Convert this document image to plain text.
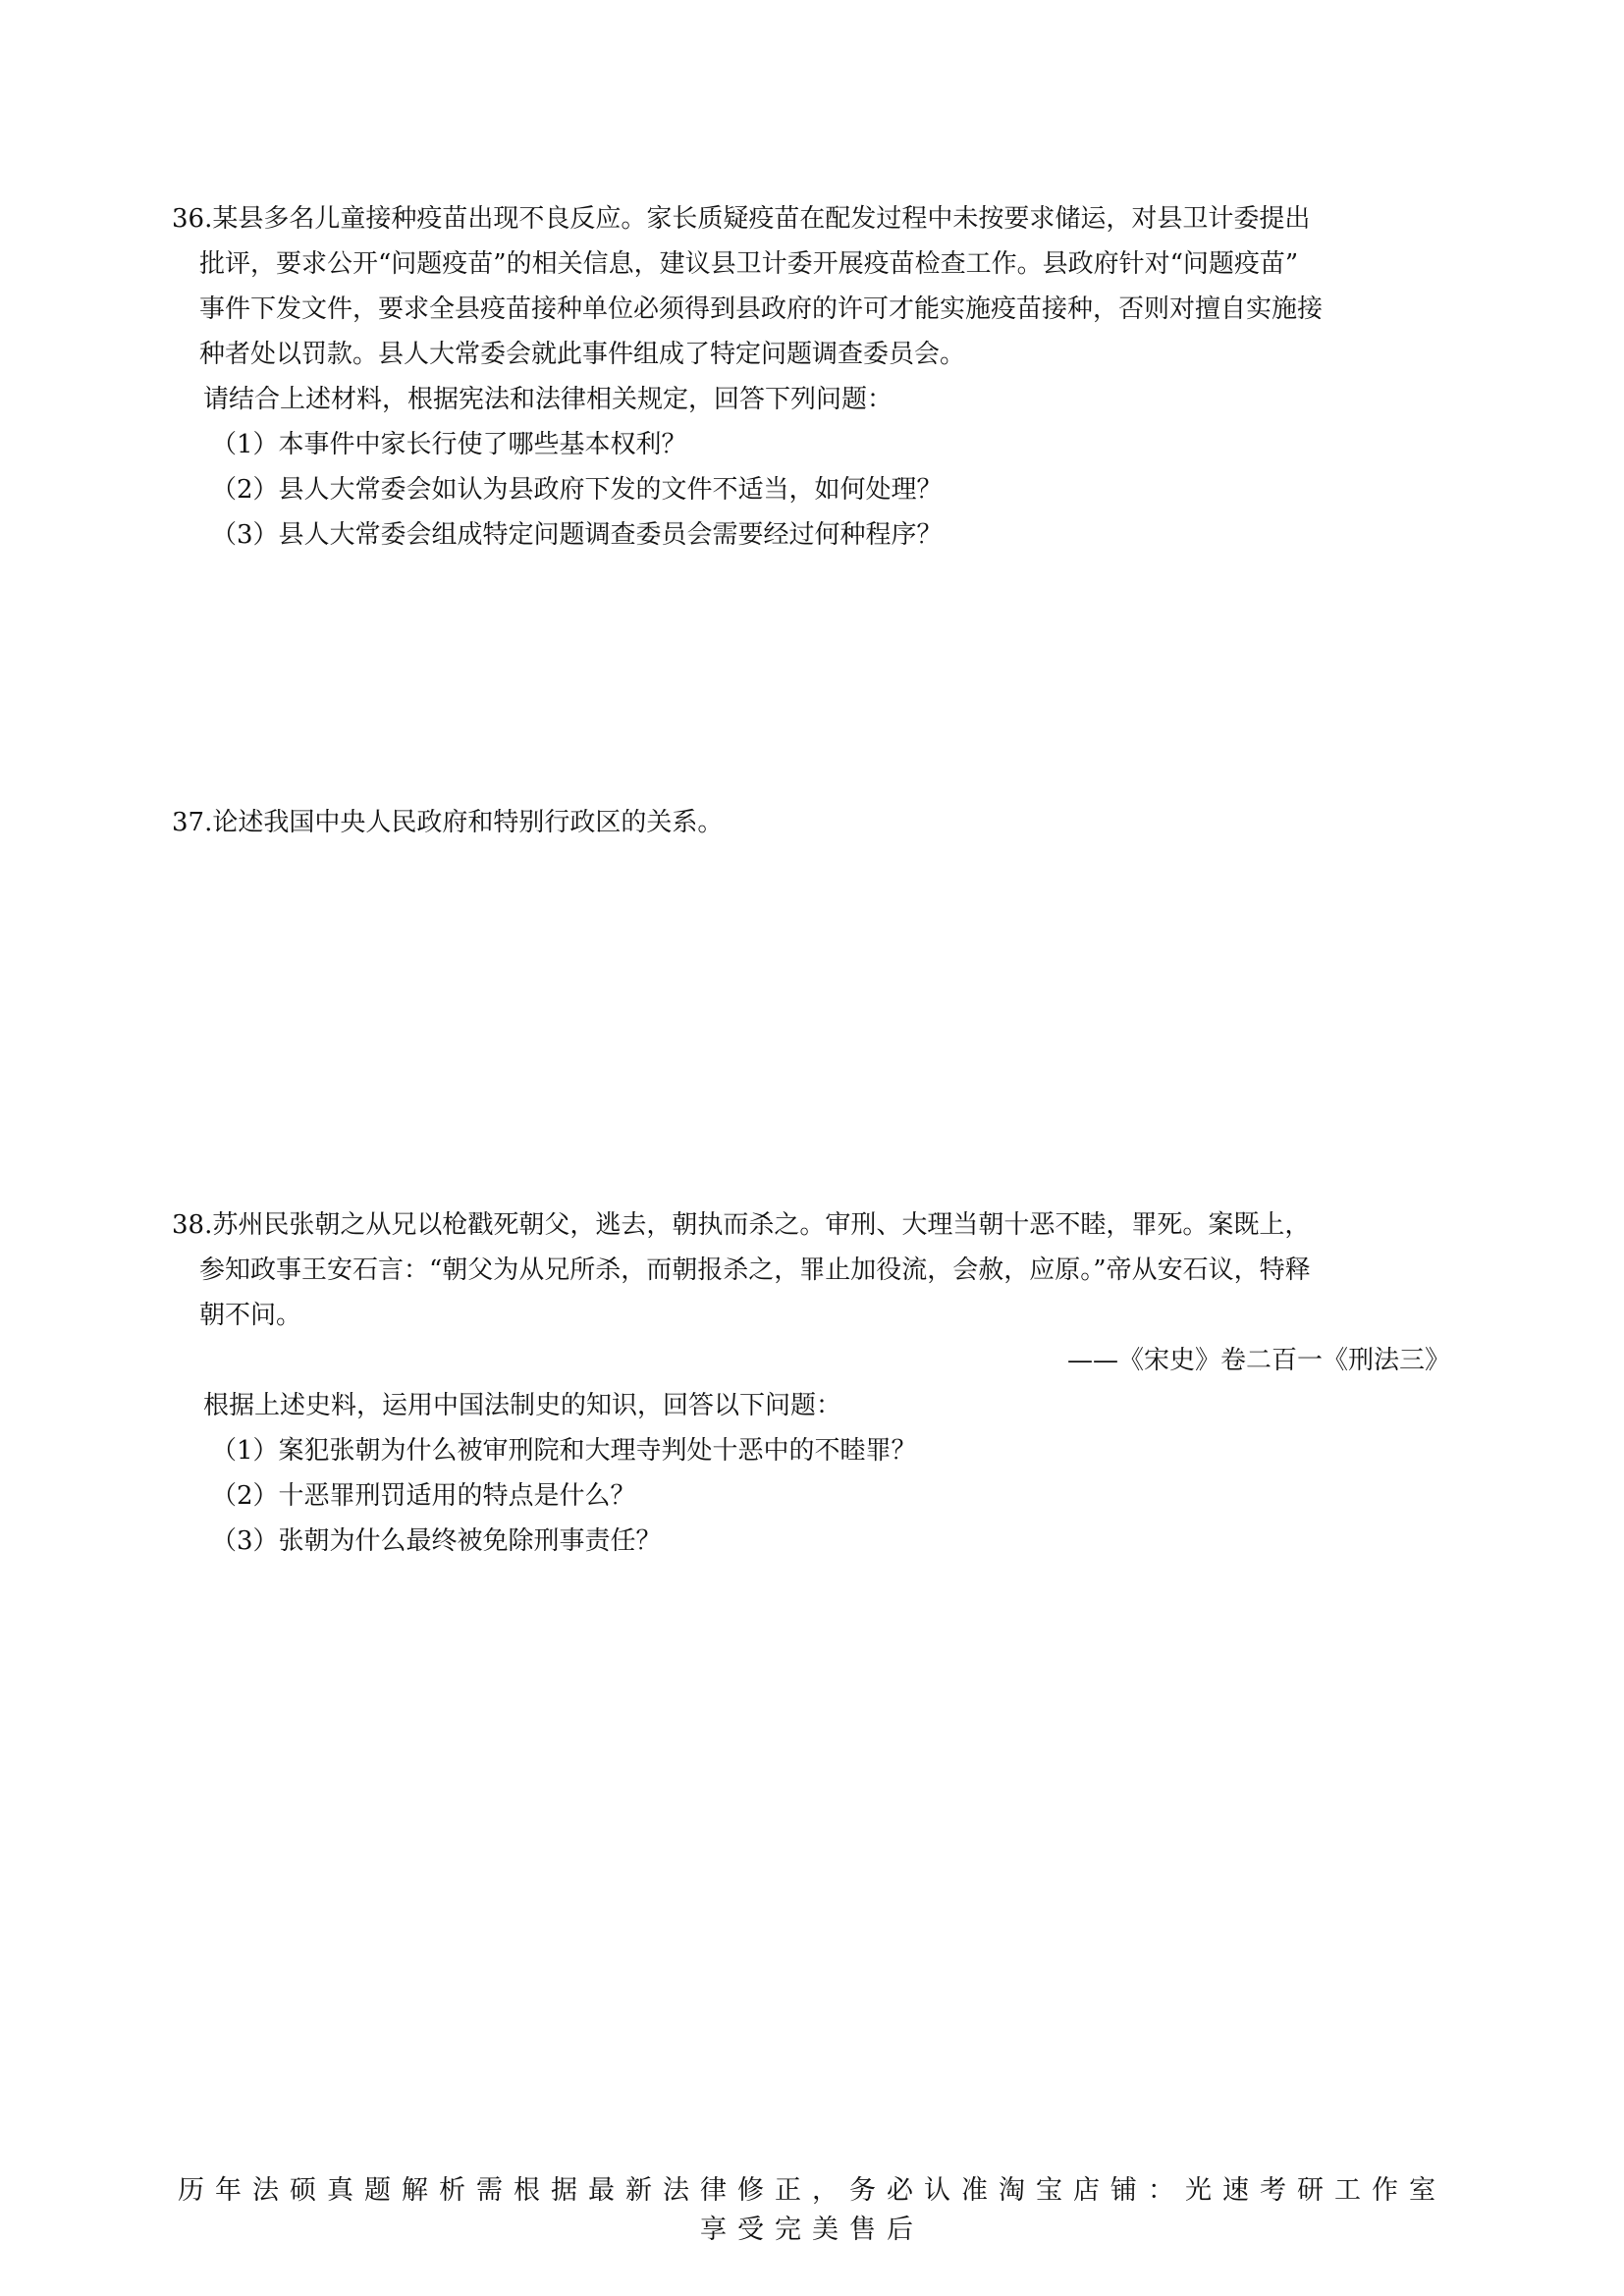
36.某县多名儿童接种疫苗出现不良反应。家长质疑疫苗在配发过程中未按要求储运，对县卫计委提出
批评，要求公开“问题疫苗”的相关信息，建议县卫计委开展疫苗检查工作。县政府针对“问题疫苗”
事件下发文件，要求全县疫苗接种单位必须得到县政府的许可才能实施疫苗接种，否则对擅自实施接
种者处以罚款。县人大常委会就此事件组成了特定问题调查委员会。
请结合上述材料，根据宪法和法律相关规定，回答下列问题：
（1）本事件中家长行使了哪些基本权利？
（2）县人大常委会如认为县政府下发的文件不适当，如何处理？
（3）县人大常委会组成特定问题调查委员会需要经过何种程序？
37.论述我国中央人民政府和特别行政区的关系。
38.苏州民张朝之从兄以枪戳死朝父，逃去，朝执而杀之。审刑、大理当朝十恶不睦，罪死。案既上，
参知政事王安石言：“朝父为从兄所杀，而朝报杀之，罪止加役流，会赦，应原。”帝从安石议，特释
朝不问。
——《宋史》卷二百一《刑法三》
根据上述史料，运用中国法制史的知识，回答以下问题：
（1）案犯张朝为什么被审刑院和大理寺判处十恶中的不睦罪？
（2）十恶罪刑罚适用的特点是什么？
（3）张朝为什么最终被免除刑事责任？
历年法硕真题解析需根据最新法律修正，务必认准淘宝店铺：光速考研工作室
享受完美售后
